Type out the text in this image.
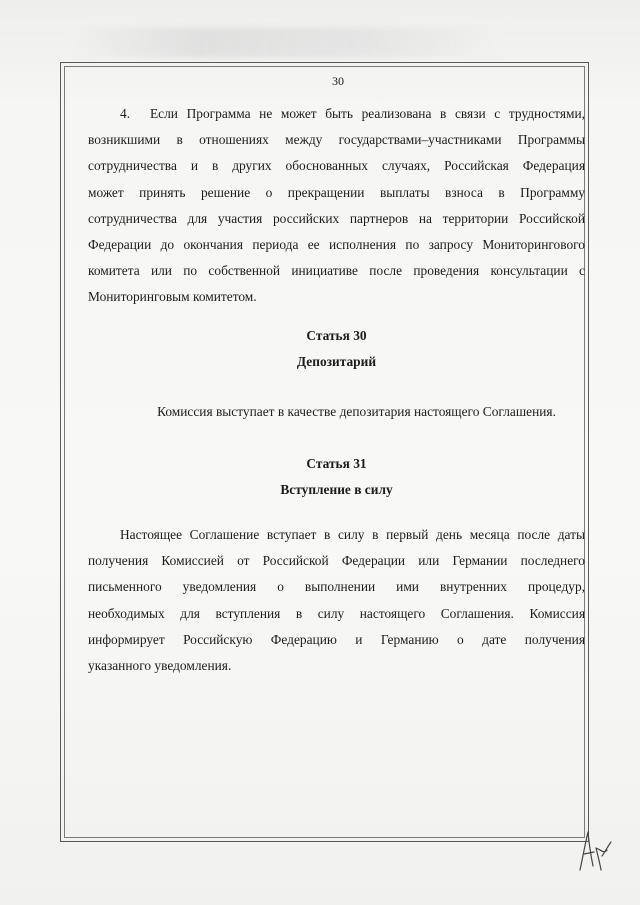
30
4. Если Программа не может быть реализована в связи с трудностями,
возникшими в отношениях между государствами–участниками Программы
сотрудничества и в других обоснованных случаях, Российская Федерация
может принять решение о прекращении выплаты взноса в Программу
сотрудничества для участия российских партнеров на территории Российской
Федерации до окончания периода ее исполнения по запросу Мониторингового
комитета или по собственной инициативе после проведения консультации с
Мониторинговым комитетом.
Статья 30
Депозитарий
Комиссия выступает в качестве депозитария настоящего Соглашения.
Статья 31
Вступление в силу
Настоящее Соглашение вступает в силу в первый день месяца после даты
получения Комиссией от Российской Федерации или Германии последнего
письменного уведомления о выполнении ими внутренних процедур,
необходимых для вступления в силу настоящего Соглашения. Комиссия
информирует Российскую Федерацию и Германию о дате получения
указанного уведомления.
